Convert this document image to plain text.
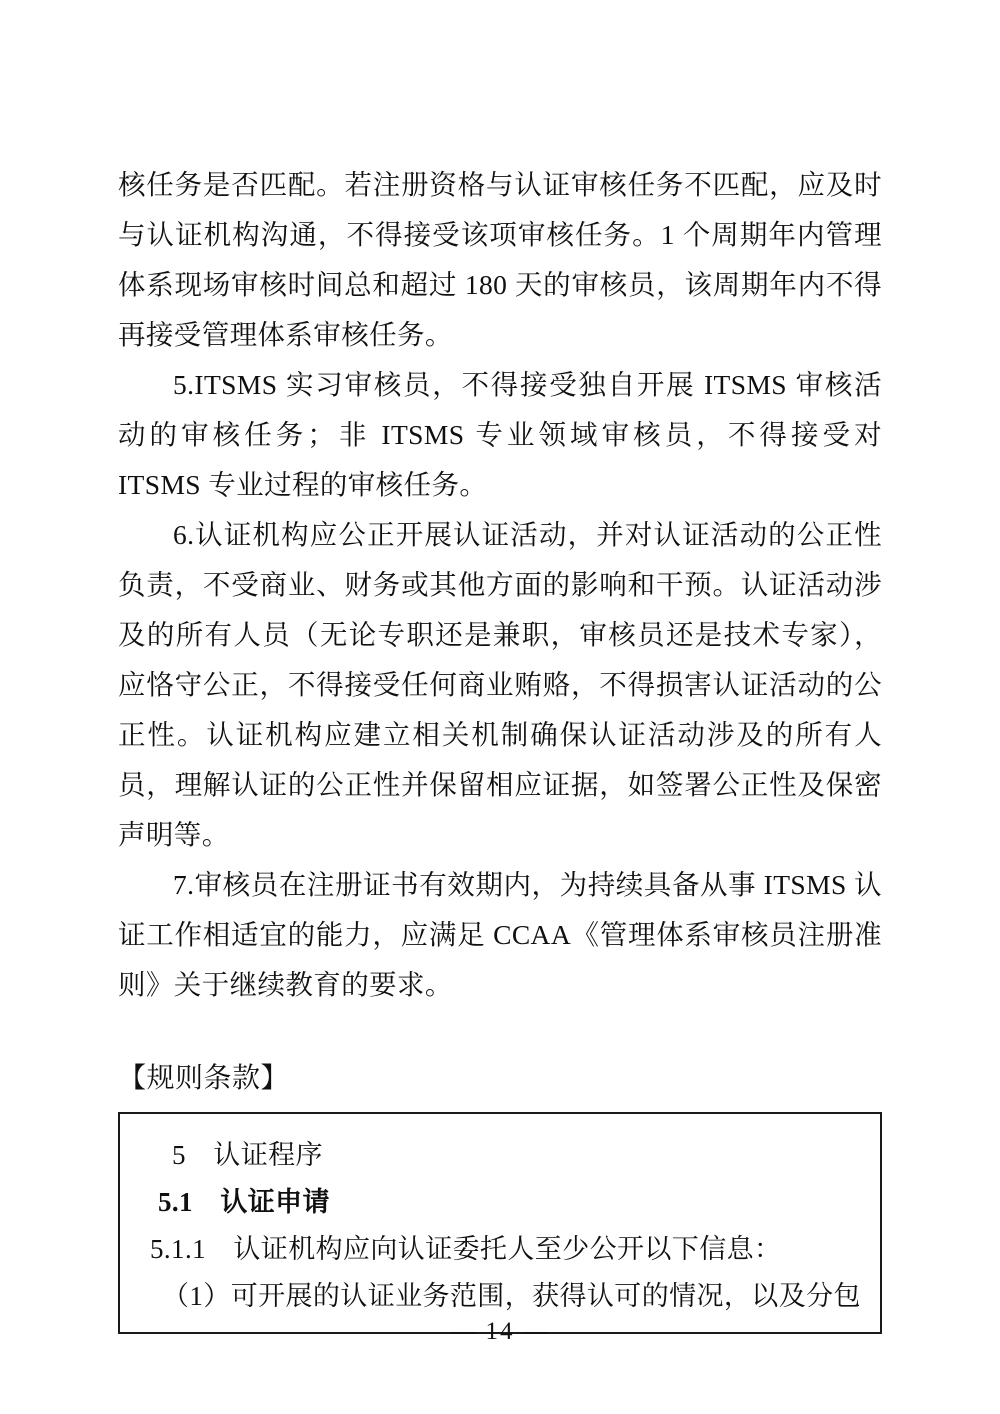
核任务是否匹配。若注册资格与认证审核任务不匹配，应及时与认证机构沟通，不得接受该项审核任务。1 个周期年内管理体系现场审核时间总和超过 180 天的审核员，该周期年内不得再接受管理体系审核任务。

5.ITSMS 实习审核员，不得接受独自开展 ITSMS 审核活动的审核任务；非 ITSMS 专业领域审核员，不得接受对 ITSMS 专业过程的审核任务。

6.认证机构应公正开展认证活动，并对认证活动的公正性负责，不受商业、财务或其他方面的影响和干预。认证活动涉及的所有人员（无论专职还是兼职，审核员还是技术专家），应恪守公正，不得接受任何商业贿赂，不得损害认证活动的公正性。认证机构应建立相关机制确保认证活动涉及的所有人员，理解认证的公正性并保留相应证据，如签署公正性及保密声明等。

7.审核员在注册证书有效期内，为持续具备从事 ITSMS 认证工作相适宜的能力，应满足 CCAA《管理体系审核员注册准则》关于继续教育的要求。

【规则条款】
5　认证程序
5.1　认证申请
5.1.1　认证机构应向认证委托人至少公开以下信息：
（1）可开展的认证业务范围，获得认可的情况，以及分包
— 14 —
